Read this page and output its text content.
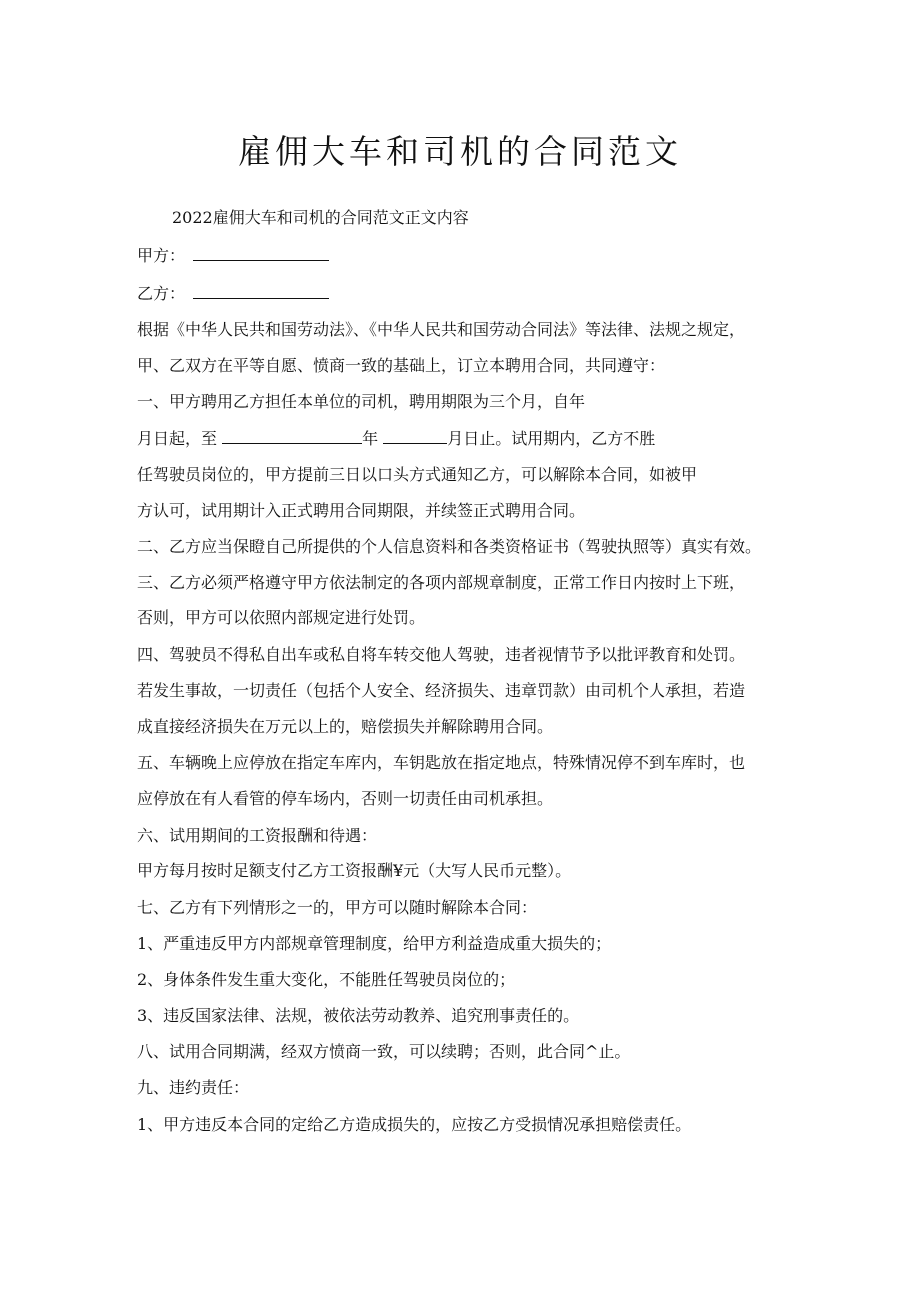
雇佣大车和司机的合同范文

2022雇佣大车和司机的合同范文正文内容

甲方：

乙方：

根据《中华人民共和国劳动法》、《中华人民共和国劳动合同法》等法律、法规之规定，

甲、乙双方在平等自愿、愤商一致的基础上，订立本聘用合同，共同遵守：

一、甲方聘用乙方担任本单位的司机，聘用期限为三个月，自年

月日起，至	年	月日止。试用期内，乙方不胜

任驾驶员岗位的，甲方提前三日以口头方式通知乙方，可以解除本合同，如被甲

方认可，试用期计入正式聘用合同期限，并续签正式聘用合同。

二、乙方应当保瞪自己所提供的个人信息资料和各类资格证书（驾驶执照等）真实有效。

三、乙方必须严格遵守甲方依法制定的各项内部规章制度，正常工作日内按时上下班，

否则，甲方可以依照内部规定进行处罚。

四、驾驶员不得私自出车或私自将车转交他人驾驶，违者视情节予以批评教育和处罚。

若发生事故，一切责任（包括个人安全、经济损失、违章罚款）由司机个人承担，若造

成直接经济损失在万元以上的，赔偿损失并解除聘用合同。

五、车辆晚上应停放在指定车库内，车钥匙放在指定地点，特殊情况停不到车库时，也

应停放在有人看管的停车场内，否则一切责任由司机承担。

六、试用期间的工资报酬和待遇：

甲方每月按时足额支付乙方工资报酬¥元（大写人民币元整）。

七、乙方有下列情形之一的，甲方可以随时解除本合同：

1、严重违反甲方内部规章管理制度，给甲方利益造成重大损失的；

2、身体条件发生重大变化，不能胜任驾驶员岗位的；

3、违反国家法律、法规，被依法劳动教养、追究刑事责任的。

八、试用合同期满，经双方愤商一致，可以续聘；否则，此合同^止。

九、违约责任：

1、甲方违反本合同的定给乙方造成损失的，应按乙方受损情况承担赔偿责任。
